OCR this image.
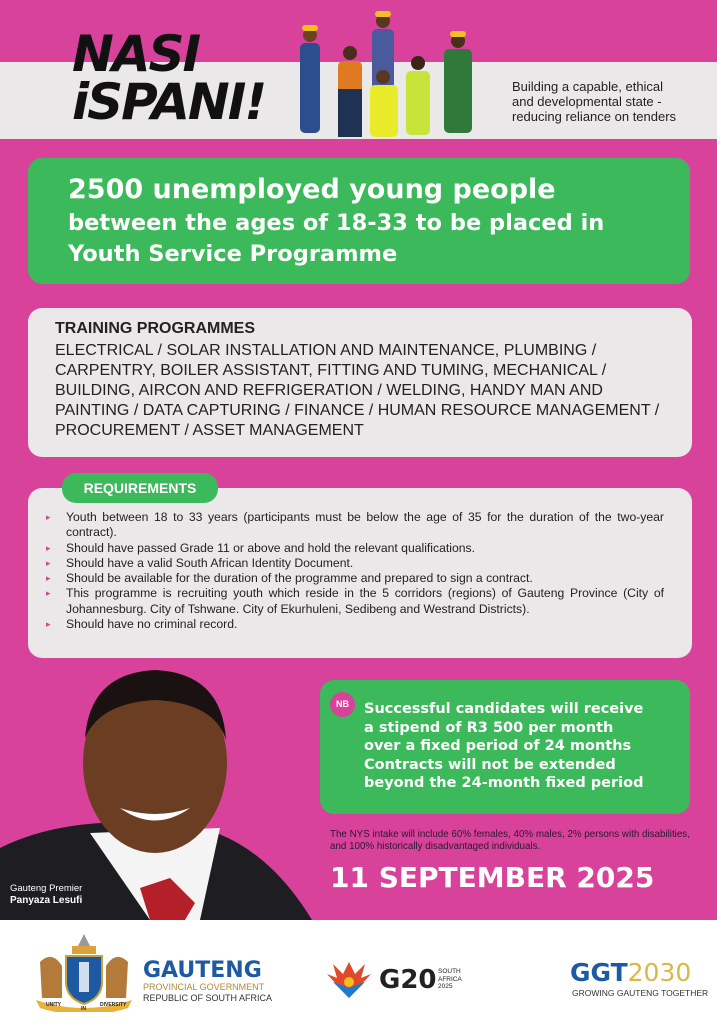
NASI
iSPANI!	Building a capable, ethical
and developmental state -
reducing reliance on tenders
2500 unemployed young people
between the ages of 18-33 to be placed in
Youth Service Programme
TRAINING PROGRAMMES

ELECTRICAL / SOLAR INSTALLATION AND MAINTENANCE, PLUMBING / CARPENTRY, BOILER ASSISTANT, FITTING AND TUMING, MECHANICAL / BUILDING, AIRCON AND REFRIGERATION / WELDING, HANDY MAN AND PAINTING / DATA CAPTURING / FINANCE / HUMAN RESOURCE MANAGEMENT / PROCUREMENT / ASSET MANAGEMENT

▸ Youth between 18 to 33 years (participants must be below the age of 35 for the duration of the two-year contract).
▸ Should have passed Grade 11 or above and hold the relevant qualifications.
▸ Should have a valid South African Identity Document.
▸ Should be available for the duration of the programme and prepared to sign a contract.
▸ This programme is recruiting youth which reside in the 5 corridors (regions) of Gauteng Province (City of Johannesburg. City of Tshwane. City of Ekurhuleni, Sedibeng and Westrand Districts).
▸ Should have no criminal record.
REQUIREMENTS
Gauteng Premier
Panyaza Lesufi
Successful candidates will receive
a stipend of R3 500 per month
over a fixed period of 24 months
Contracts will not be extended
beyond the 24-month fixed period
NB
The NYS intake will include 60% females, 40% males, 2% persons with disabilities, and 100% historically disadvantaged individuals.
11 SEPTEMBER 2025
UNITY
IN
DIVERSITY
GAUTENG
PROVINCIAL GOVERNMENT
REPUBLIC OF SOUTH AFRICA
G20 SOUTH
AFRICA
2025	GGT2030
GROWING GAUTENG TOGETHER
